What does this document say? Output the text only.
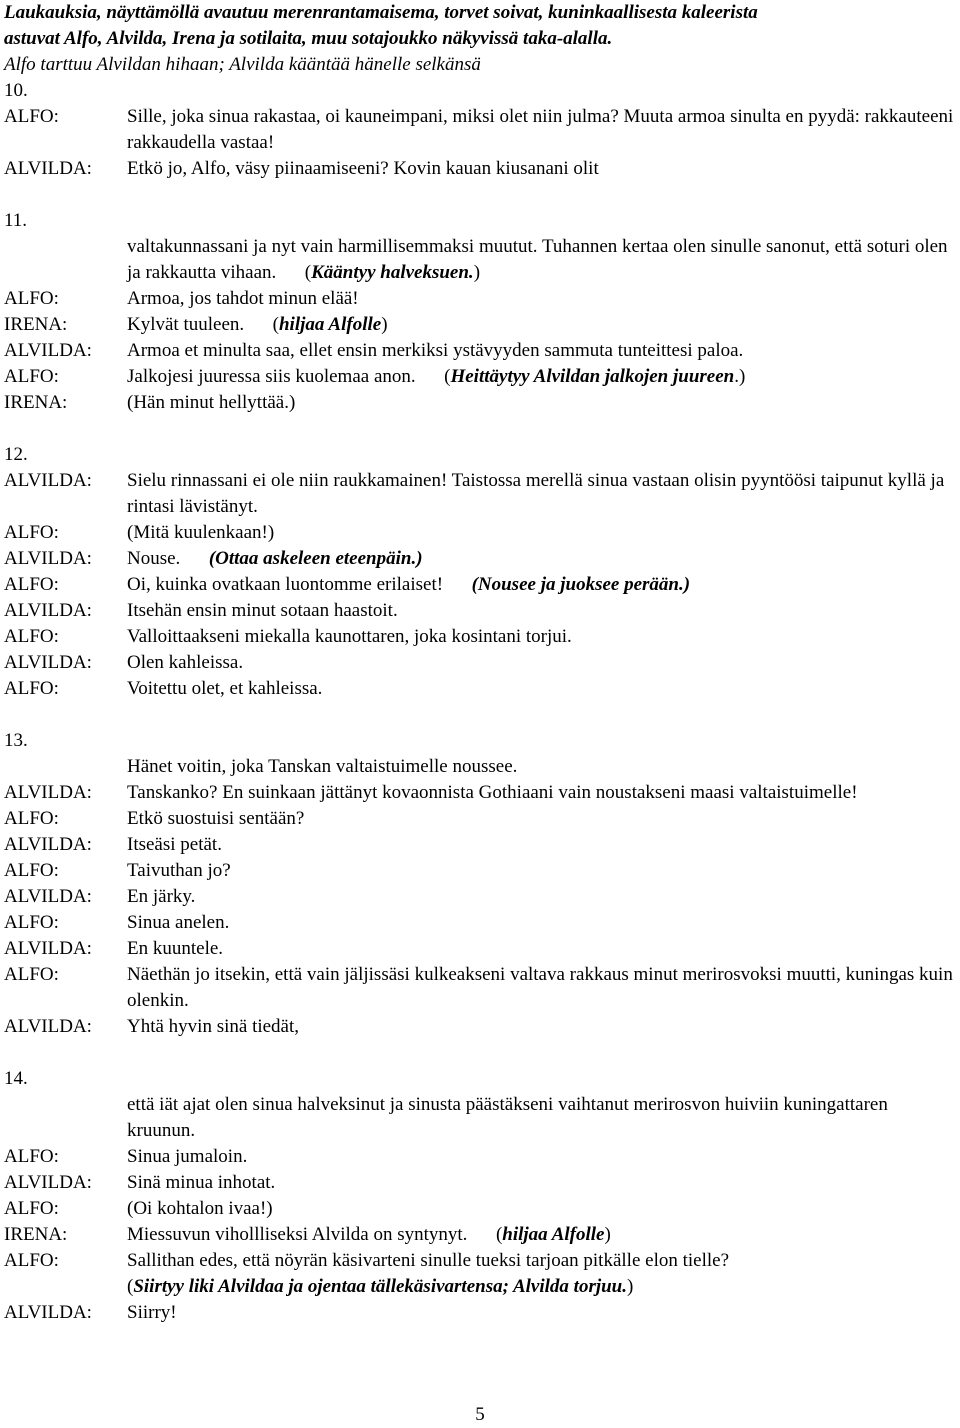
Laukauksia, näyttämöllä avautuu merenrantamaisema, torvet soivat, kuninkaallisesta kaleerista
astuvat Alfo, Alvilda, Irena ja sotilaita, muu sotajoukko näkyvissä taka-alalla.
Alfo tarttuu Alvildan hihaan; Alvilda kääntää hänelle selkänsä
10.
ALFO:	Sille, joka sinua rakastaa, oi kauneimpani, miksi olet niin julma? Muuta armoa sinulta en pyydä: rakkauteeni rakkaudella vastaa!
ALVILDA:	Etkö jo, Alfo, väsy piinaamiseeni? Kovin kauan kiusanani olit
11.
valtakunnassani ja nyt vain harmillisemmaksi muutut. Tuhannen kertaa olen sinulle sanonut, että soturi olen ja rakkautta vihaan. (Kääntyy halveksuen.)
ALFO:	Armoa, jos tahdot minun elää!
IRENA:	Kylvät tuuleen. (hiljaa Alfolle)
ALVILDA:	Armoa et minulta saa, ellet ensin merkiksi ystävyyden sammuta tunteittesi paloa.
ALFO:	Jalkojesi juuressa siis kuolemaa anon. (Heittäytyy Alvildan jalkojen juureen.)
IRENA:	(Hän minut hellyttää.)
12.
ALVILDA:	Sielu rinnassani ei ole niin raukkamainen! Taistossa merellä sinua vastaan olisin pyyntöösi taipunut kyllä ja rintasi lävistänyt.
ALFO:	(Mitä kuulenkaan!)
ALVILDA:	Nouse. (Ottaa askeleen eteenpäin.)
ALFO:	Oi, kuinka ovatkaan luontomme erilaiset! (Nousee ja juoksee perään.)
ALVILDA:	Itsehän ensin minut sotaan haastoit.
ALFO:	Valloittaakseni miekalla kaunottaren, joka kosintani torjui.
ALVILDA:	Olen kahleissa.
ALFO:	Voitettu olet, et kahleissa.
13.
Hänet voitin, joka Tanskan valtaistuimelle noussee.
ALVILDA:	Tanskanko? En suinkaan jättänyt kovaonnista Gothiaani vain noustakseni maasi valtaistuimelle!
ALFO:	Etkö suostuisi sentään?
ALVILDA:	Itseäsi petät.
ALFO:	Taivuthan jo?
ALVILDA:	En järky.
ALFO:	Sinua anelen.
ALVILDA:	En kuuntele.
ALFO:	Näethän jo itsekin, että vain jäljissäsi kulkeakseni valtava rakkaus minut merirosvoksi muutti, kuningas kuin olenkin.
ALVILDA:	Yhtä hyvin sinä tiedät,
14.
että iät ajat olen sinua halveksinut ja sinusta päästäkseni vaihtanut merirosvon huiviin kuningattaren kruunun.
ALFO:	Sinua jumaloin.
ALVILDA:	Sinä minua inhotat.
ALFO:	(Oi kohtalon ivaa!)
IRENA:	Miessuvun vihollliseksi Alvilda on syntynyt. (hiljaa Alfolle)
ALFO:	Sallithan edes, että nöyrän käsivarteni sinulle tueksi tarjoan pitkälle elon tielle?
(Siirtyy liki Alvildaa ja ojentaa tällekäsivartensa; Alvilda torjuu.)
ALVILDA:	Siirry!
5
